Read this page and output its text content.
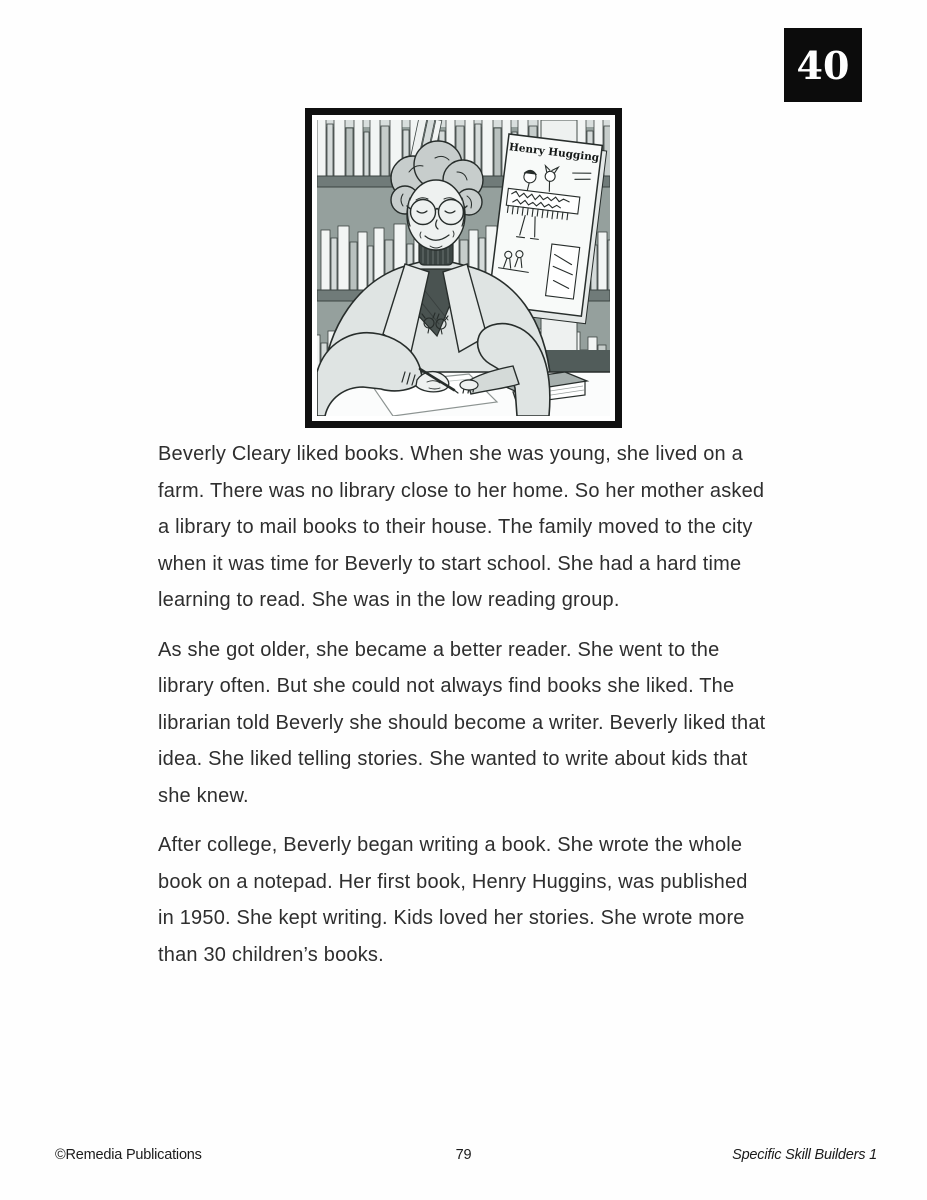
40
Henry Hugging

Beverly Cleary liked books. When she was young, she lived on a farm. There was no library close to her home. So her mother asked a library to mail books to their house. The family moved to the city when it was time for Beverly to start school. She had a hard time learning to read. She was in the low reading group.

As she got older, she became a better reader. She went to the library often. But she could not always find books she liked. The librarian told Beverly she should become a writer. Beverly liked that idea. She liked telling stories. She wanted to write about kids that she knew.

After college, Beverly began writing a book. She wrote the whole book on a notepad. Her first book, Henry Huggins, was published in 1950. She kept writing. Kids loved her stories. She wrote more than 30 children’s books.

©Remedia Publications	79	Specific Skill Builders 1
